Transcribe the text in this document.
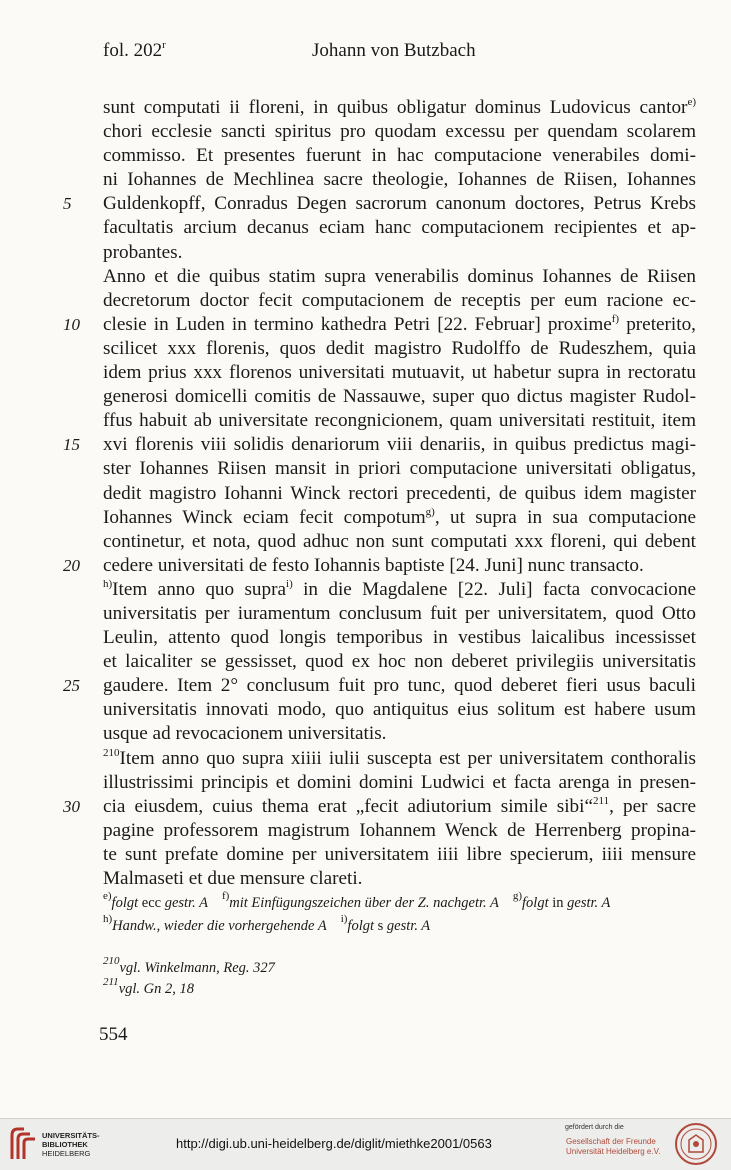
fol. 202$^r$	Johann von Butzbach
sunt computati ii floreni, in quibus obligatur dominus Ludovicus cantor$^{e)}$
chori ecclesie sancti spiritus pro quodam excessu per quendam scolarem
commisso. Et presentes fuerunt in hac computacione venerabiles domi-
ni Iohannes de Mechlinea sacre theologie, Iohannes de Riisen, Iohannes
5	Guldenkopff, Conradus Degen sacrorum canonum doctores, Petrus Krebs
facultatis arcium decanus eciam hanc computacionem recipientes et ap-
probantes.
Anno et die quibus statim supra venerabilis dominus Iohannes de Riisen
decretorum doctor fecit computacionem de receptis per eum racione ec-
10	clesie in Luden in termino kathedra Petri [22. Februar] proxime$^{f)}$ preterito,
scilicet xxx florenis, quos dedit magistro Rudolffo de Rudeszhem, quia
idem prius xxx florenos universitati mutuavit, ut habetur supra in rectoratu
generosi domicelli comitis de Nassauwe, super quo dictus magister Rudol-
ffus habuit ab universitate recongnicionem, quam universitati restituit, item
15	xvi florenis viii solidis denariorum viii denariis, in quibus predictus magi-
ster Iohannes Riisen mansit in priori computacione universitati obligatus,
dedit magistro Iohanni Winck rectori precedenti, de quibus idem magister
Iohannes Winck eciam fecit compotum$^{g)}$, ut supra in sua computacione
continetur, et nota, quod adhuc non sunt computati xxx floreni, qui debent
20	cedere universitati de festo Iohannis baptiste [24. Juni] nunc transacto.
$^{h)}$Item anno quo supra$^{i)}$ in die Magdalene [22. Juli] facta convocacione
universitatis per iuramentum conclusum fuit per universitatem, quod Otto
Leulin, attento quod longis temporibus in vestibus laicalibus incessisset
et laicaliter se gessisset, quod ex hoc non deberet privilegiis universitatis
25	gaudere. Item 2° conclusum fuit pro tunc, quod deberet fieri usus baculi
universitatis innovati modo, quo antiquitus eius solitum est habere usum
usque ad revocacionem universitatis.
$^{210}$Item anno quo supra xiiii iulii suscepta est per universitatem conthoralis
illustrissimi principis et domini domini Ludwici et facta arenga in presen-
30	cia eiusdem, cuius thema erat „fecit adiutorium simile sibi“$^{211}$, per sacre
pagine professorem magistrum Iohannem Wenck de Herrenberg propina-
te sunt prefate domine per universitatem iiii libre specierum, iiii mensure
Malmaseti et due mensure clareti.
$^{e)}$folgt ecc gestr. A $^{f)}$mit Einfügungszeichen über der Z. nachgetr. A $^{g)}$folgt in gestr. A
$^{h)}$Handw., wieder die vorhergehende A $^{i)}$folgt s gestr. A
$^{210}$vgl. Winkelmann, Reg. 327
$^{211}$vgl. Gn 2, 18
554
UNIVERSITÄTS-
BIBLIOTHEK
HEIDELBERG
http://digi.ub.uni-heidelberg.de/diglit/miethke2001/0563
gefördert durch die
Gesellschaft der Freunde
Universität Heidelberg e.V.
